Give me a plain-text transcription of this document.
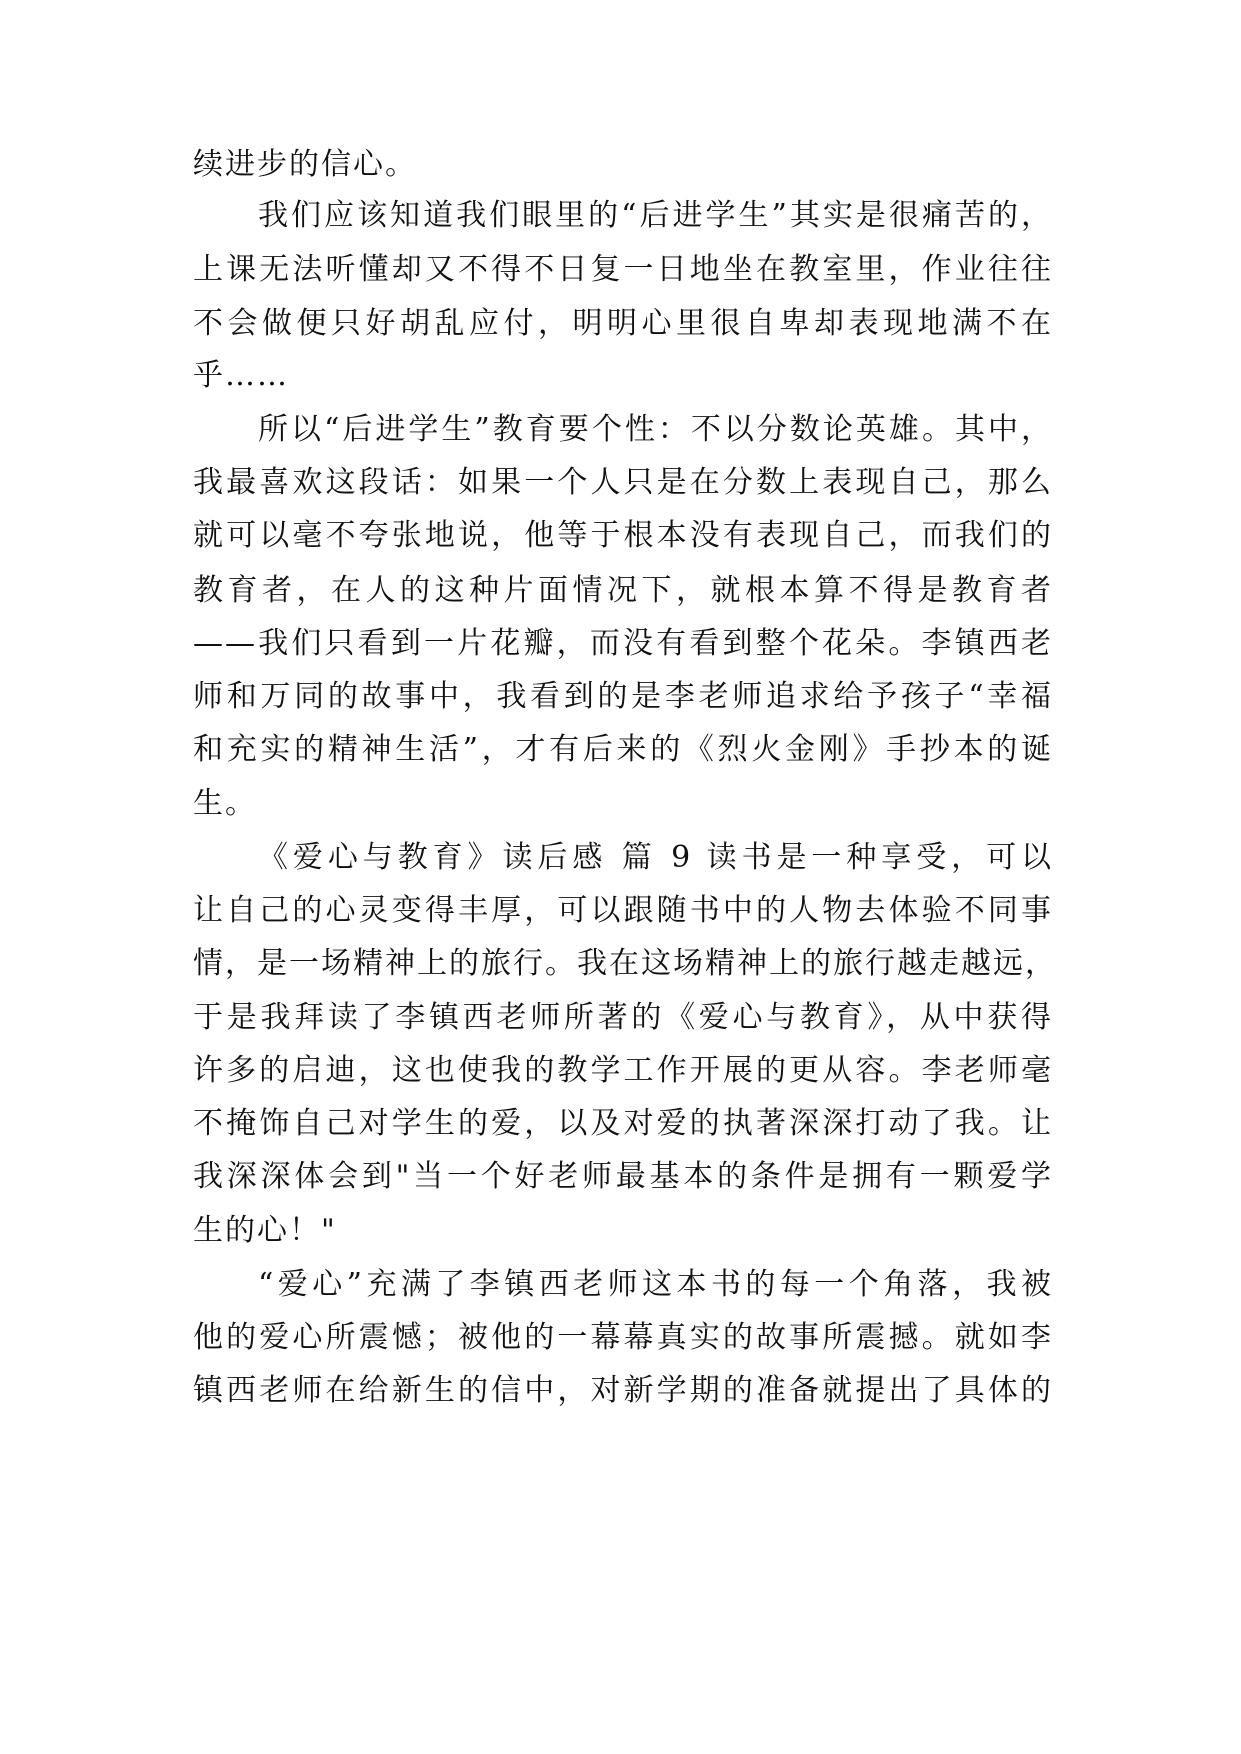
续进步的信心。
我们应该知道我们眼里的“后进学生”其实是很痛苦的，
上课无法听懂却又不得不日复一日地坐在教室里，作业往往
不会做便只好胡乱应付，明明心里很自卑却表现地满不在
乎……
所以“后进学生”教育要个性：不以分数论英雄。其中，
我最喜欢这段话：如果一个人只是在分数上表现自己，那么
就可以毫不夸张地说，他等于根本没有表现自己，而我们的
教育者，在人的这种片面情况下，就根本算不得是教育者
——我们只看到一片花瓣，而没有看到整个花朵。李镇西老
师和万同的故事中，我看到的是李老师追求给予孩子“幸福
和充实的精神生活”，才有后来的《烈火金刚》手抄本的诞
生。
《爱心与教育》读后感 篇 9 读书是一种享受，可以
让自己的心灵变得丰厚，可以跟随书中的人物去体验不同事
情，是一场精神上的旅行。我在这场精神上的旅行越走越远，
于是我拜读了李镇西老师所著的《爱心与教育》，从中获得
许多的启迪，这也使我的教学工作开展的更从容。李老师毫
不掩饰自己对学生的爱，以及对爱的执著深深打动了我。让
我深深体会到"当一个好老师最基本的条件是拥有一颗爱学
生的心！"
“爱心”充满了李镇西老师这本书的每一个角落，我被
他的爱心所震憾；被他的一幕幕真实的故事所震撼。就如李
镇西老师在给新生的信中，对新学期的准备就提出了具体的
